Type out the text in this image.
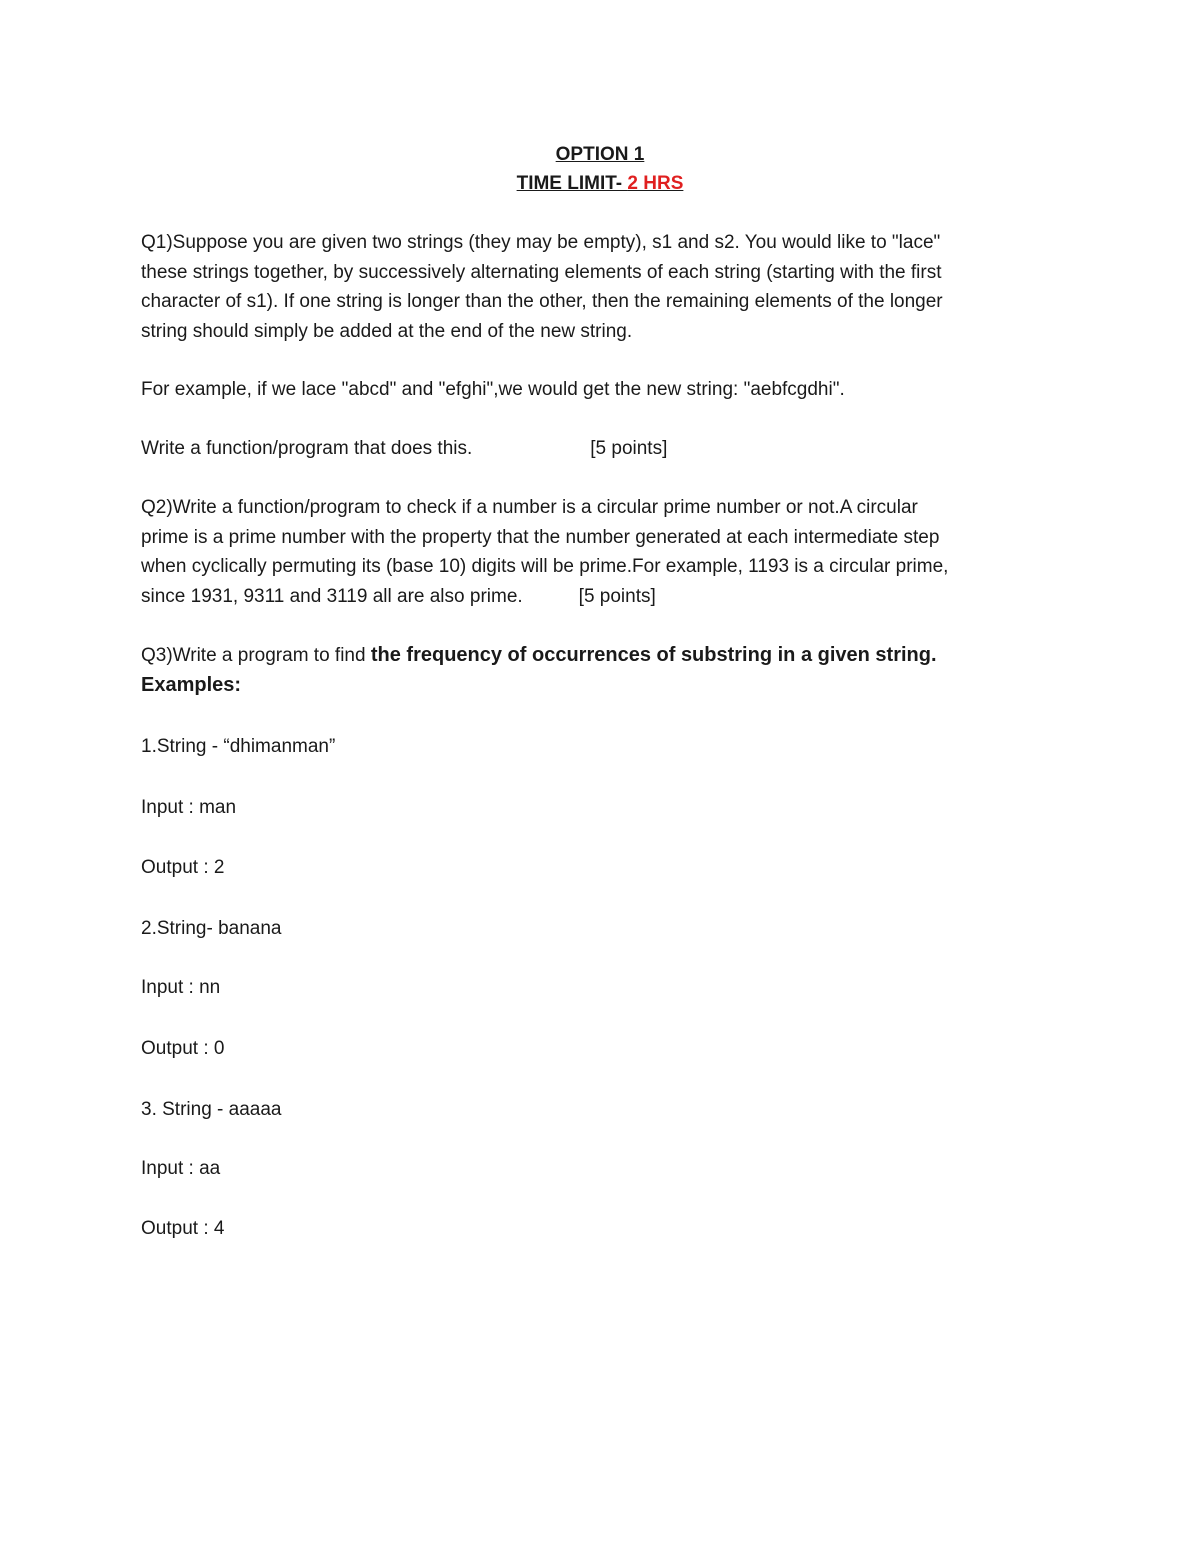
OPTION 1
TIME LIMIT- 2 HRS
Q1)Suppose you are given two strings (they may be empty), s1 and s2. You would like to "lace"
these strings together, by successively alternating elements of each string (starting with the first
character of s1). If one string is longer than the other, then the remaining elements of the longer
string should simply be added at the end of the new string.
For example, if we lace "abcd" and "efghi",we would get the new string: "aebfcgdhi".
Write a function/program that does this.	[5 points]
Q2)Write a function/program to check if a number is a circular prime number or not.A circular
prime is a prime number with the property that the number generated at each intermediate step
when cyclically permuting its (base 10) digits will be prime.For example, 1193 is a circular prime,
since 1931, 9311 and 3119 all are also prime.	[5 points]
Q3)Write a program to find the frequency of occurrences of substring in a given string.
Examples:
1.String - “dhimanman”
Input : man
Output : 2
2.String- banana
Input : nn
Output : 0
3. String - aaaaa
Input : aa
Output : 4
